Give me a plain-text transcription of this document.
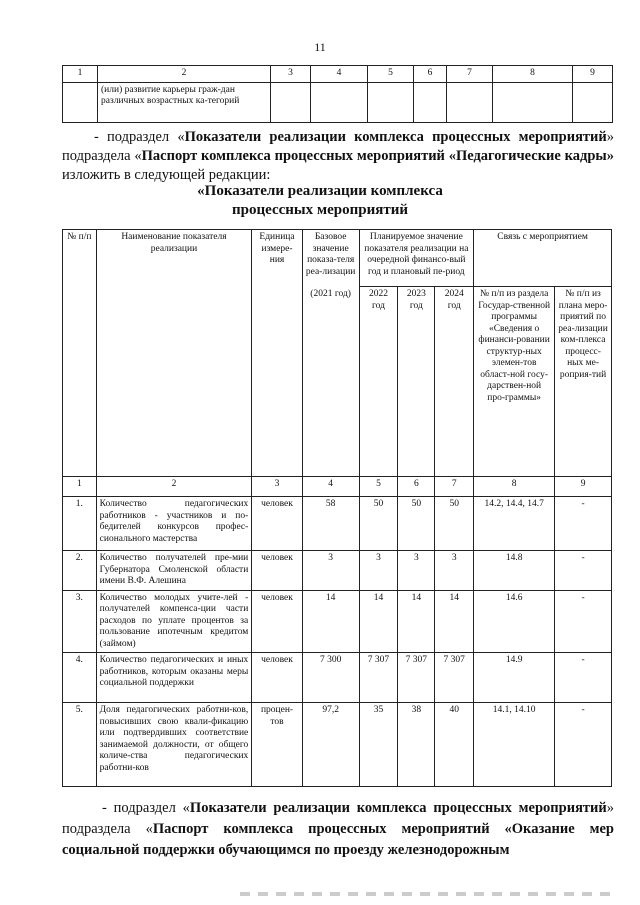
11
1	2	3	4	5	6	7	8	9
	(или) развитие карьеры граж-дан различных возрастных ка-тегорий							
- подраздел «Показатели реализации комплекса процессных мероприятий» подраздела «Паспорт комплекса процессных мероприятий «Педагогические кадры» изложить в следующей редакции:
«Показатели реализации комплекса
процессных мероприятий
№ п/п	Наименование показателя реализации	Единица измере-ния	Базовое значение показа-теля реа-лизации	Планируемое значение показателя реализации на очередной финансо-вый год и плановый пе-риод			Связь с мероприятием	
			(2021 год)	2022 год	2023 год	2024 год	№ п/п из раздела Государ-ственной программы «Сведения о финанси-ровании структур-ных элемен-тов област-ной госу-дарствен-ной про-граммы»	№ п/п из плана меро-приятий по реа-лизации ком-плекса процесс-ных ме-роприя-тий
1	2	3	4	5	6	7	8	9
1.	Количество педагогических работников - участников и по-бедителей конкурсов профес-сионального мастерства	человек	58	50	50	50	14.2, 14.4, 14.7	-
2.	Количество получателей пре-мии Губернатора Смоленской области имени В.Ф. Алешина	человек	3	3	3	3	14.8	-
3.	Количество молодых учите-лей - получателей компенса-ции части расходов по уплате процентов за пользование ипотечным кредитом (займом)	человек	14	14	14	14	14.6	-
4.	Количество педагогических и иных работников, которым оказаны меры социальной поддержки	человек	7 300	7 307	7 307	7 307	14.9	-
5.	Доля педагогических работни-ков, повысивших свою квали-фикацию или подтвердивших соответствие занимаемой должности, от общего количе-ства педагогических работни-ков	процен-тов	97,2	35	38	40	14.1, 14.10	-
- подраздел «Показатели реализации комплекса процессных мероприятий» подраздела «Паспорт комплекса процессных мероприятий «Оказание мер социальной поддержки обучающимся по проезду железнодорожным
